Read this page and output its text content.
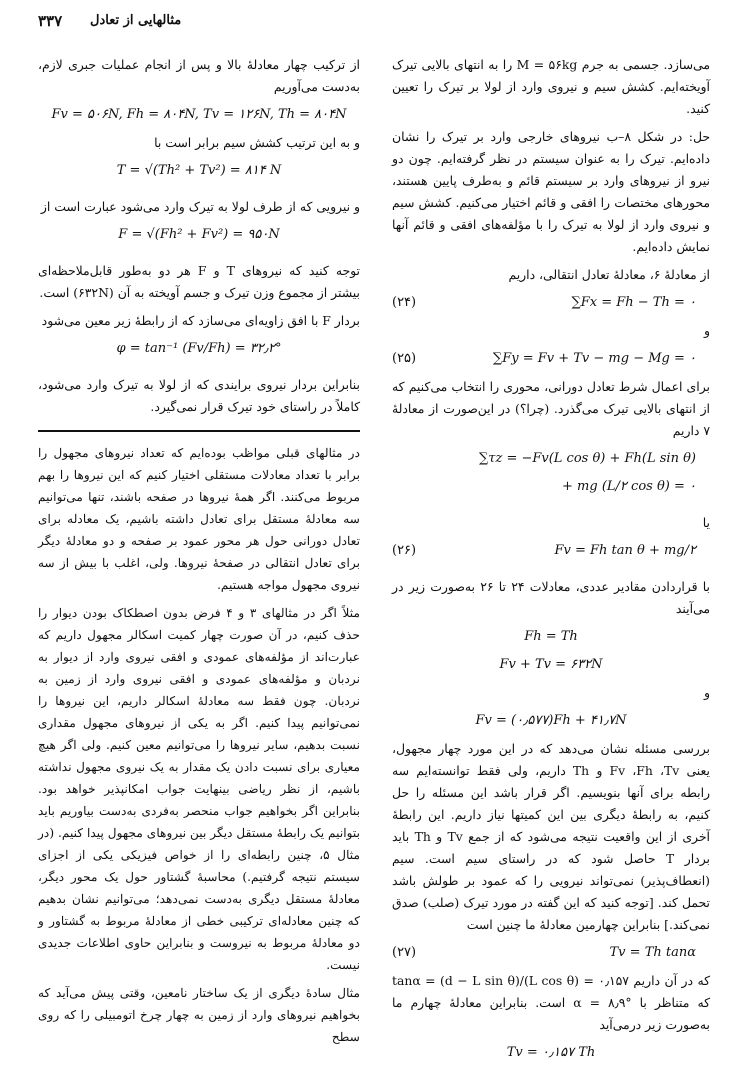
۳۳۷ مثالهایی از تعادل

می‌سازد. جسمی به جرم M = ۵۶kg را به انتهای بالایی تیرک آویخته‌ایم. کشش سیم و نیروی وارد از لولا بر تیرک را تعیین کنید.

حل: در شکل ۸–ب نیروهای خارجی وارد بر تیرک را نشان داده‌ایم. تیرک را به عنوان سیستم در نظر گرفته‌ایم. چون دو نیرو از نیروهای وارد بر سیستم قائم و به‌طرف پایین هستند، محورهای مختصات را افقی و قائم اختیار می‌کنیم. کشش سیم و نیروی وارد از لولا به تیرک را با مؤلفه‌های افقی و قائم آنها نمایش داده‌ایم.

از معادلهٔ ۶، معادلهٔ تعادل انتقالی، داریم

(۲۴)	∑Fx = Fh − Th = ۰
و
(۲۵)	∑Fy = Fv + Tv − mg − Mg = ۰

برای اعمال شرط تعادل دورانی، محوری را انتخاب می‌کنیم که از انتهای بالایی تیرک می‌گذرد. (چرا؟) در این‌صورت از معادلهٔ ۷ داریم

∑τz = −Fv(L cos θ) + Fh(L sin θ)
+ mg (L/۲ cos θ) = ۰
یا
(۲۶)	Fv = Fh tan θ + mg/۲

با قراردادن مقادیر عددی، معادلات ۲۴ تا ۲۶ به‌صورت زیر در می‌آیند

Fh = Th
Fv + Tv = ۶۳۲N
و
Fv = (۰٫۵۷۷)Fh + ۴۱٫۷N

بررسی مسئله نشان می‌دهد که در این مورد چهار مجهول، یعنی Fv ،Fh ،Tv و Th داریم، ولی فقط توانسته‌ایم سه رابطه برای آنها بنویسیم. اگر قرار باشد این مسئله را حل کنیم، به رابطهٔ دیگری بین این کمیتها نیاز داریم. این رابطهٔ آخری از این واقعیت نتیجه می‌شود که از جمع Tv و Th باید بردار T حاصل شود که در راستای سیم است. سیم (انعطاف‌پذیر) نمی‌تواند نیرویی را که عمود بر طولش باشد تحمل کند. [توجه کنید که این گفته در مورد تیرک (صلب) صدق نمی‌کند.] بنابراین چهارمین معادلهٔ ما چنین است

(۲۷)	Tv = Th tanα

که در آن داریم tanα = (d − L sin θ)/(L cos θ) = ۰٫۱۵۷ که متناظر با α = ۸٫۹° است. بنابراین معادلهٔ چهارم ما به‌صورت زیر درمی‌آید

Tv = ۰٫۱۵۷ Th

از ترکیب چهار معادلهٔ بالا و پس از انجام عملیات جبری لازم، به‌دست می‌آوریم

Fv = ۵۰۶N, Fh = ۸۰۴N, Tv = ۱۲۶N, Th = ۸۰۴N

و به این ترتیب کشش سیم برابر است با

T = √(Th² + Tv²) = ۸۱۴ N

و نیرویی که از طرف لولا به تیرک وارد می‌شود عبارت است از

F = √(Fh² + Fv²) = ۹۵۰N

توجه کنید که نیروهای T و F هر دو به‌طور قابل‌ملاحظه‌ای بیشتر از مجموع وزن تیرک و جسم آویخته به آن (۶۳۲N) است.

بردار F با افق زاویه‌ای می‌سازد که از رابطهٔ زیر معین می‌شود

φ = tan⁻¹ (Fv/Fh) = ۳۲٫۲°

بنابراین بردار نیروی برایندی که از لولا به تیرک وارد می‌شود، کاملاً در راستای خود تیرک قرار نمی‌گیرد.

در مثالهای قبلی مواظب بوده‌ایم که تعداد نیروهای مجهول را برابر با تعداد معادلات مستقلی اختیار کنیم که این نیروها را بهم مربوط می‌کنند. اگر همهٔ نیروها در صفحه باشند، تنها می‌توانیم سه معادلهٔ مستقل برای تعادل داشته باشیم، یک معادله برای تعادل دورانی حول هر محور عمود بر صفحه و دو معادلهٔ دیگر برای تعادل انتقالی در صفحهٔ نیروها. ولی، اغلب با بیش از سه نیروی مجهول مواجه هستیم.

مثلاً اگر در مثالهای ۳ و ۴ فرض بدون اصطکاک بودن دیوار را حذف کنیم، در آن صورت چهار کمیت اسکالر مجهول داریم که عبارت‌اند از مؤلفه‌های عمودی و افقی نیروی وارد از دیوار به نردبان و مؤلفه‌های عمودی و افقی نیروی وارد از زمین به نردبان. چون فقط سه معادلهٔ اسکالر داریم، این نیروها را نمی‌توانیم پیدا کنیم. اگر به یکی از نیروهای مجهول مقداری نسبت بدهیم، سایر نیروها را می‌توانیم معین کنیم. ولی اگر هیچ معیاری برای نسبت دادن یک مقدار به یک نیروی مجهول نداشته باشیم، از نظر ریاضی بینهایت جواب امکانپذیر خواهد بود. بنابراین اگر بخواهیم جواب منحصر به‌فردی به‌دست بیاوریم باید بتوانیم یک رابطهٔ مستقل دیگر بین نیروهای مجهول پیدا کنیم. (در مثال ۵، چنین رابطه‌ای را از خواص فیزیکی یکی از اجزای سیستم نتیجه گرفتیم.) محاسبهٔ گشتاور حول یک محور دیگر، معادلهٔ مستقل دیگری به‌دست نمی‌دهد؛ می‌توانیم نشان بدهیم که چنین معادله‌ای ترکیبی خطی از معادلهٔ مربوط به گشتاور و دو معادلهٔ مربوط به نیروست و بنابراین حاوی اطلاعات جدیدی نیست.

مثال سادهٔ دیگری از یک ساختار نامعین، وقتی پیش می‌آید که بخواهیم نیروهای وارد از زمین به چهار چرخ اتومبیلی را که روی سطح
